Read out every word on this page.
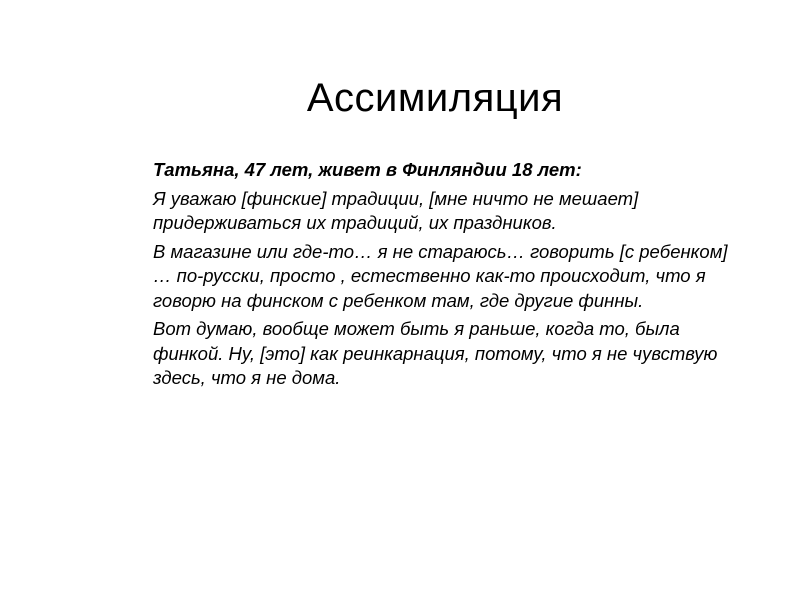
Ассимиляция

Татьяна, 47 лет, живет в Финляндии 18 лет:

Я уважаю [финские] традиции, [мне ничто не мешает] придерживаться их традиций, их праздников.

В магазине или где-то… я не стараюсь… говорить [с ребенком] … по-русски, просто , естественно как-то происходит, что я говорю на финском с ребенком там, где другие финны.

Вот думаю, вообще может быть я раньше, когда то, была финкой. Ну, [это] как реинкарнация, потому, что я не чувствую здесь, что я не дома.
